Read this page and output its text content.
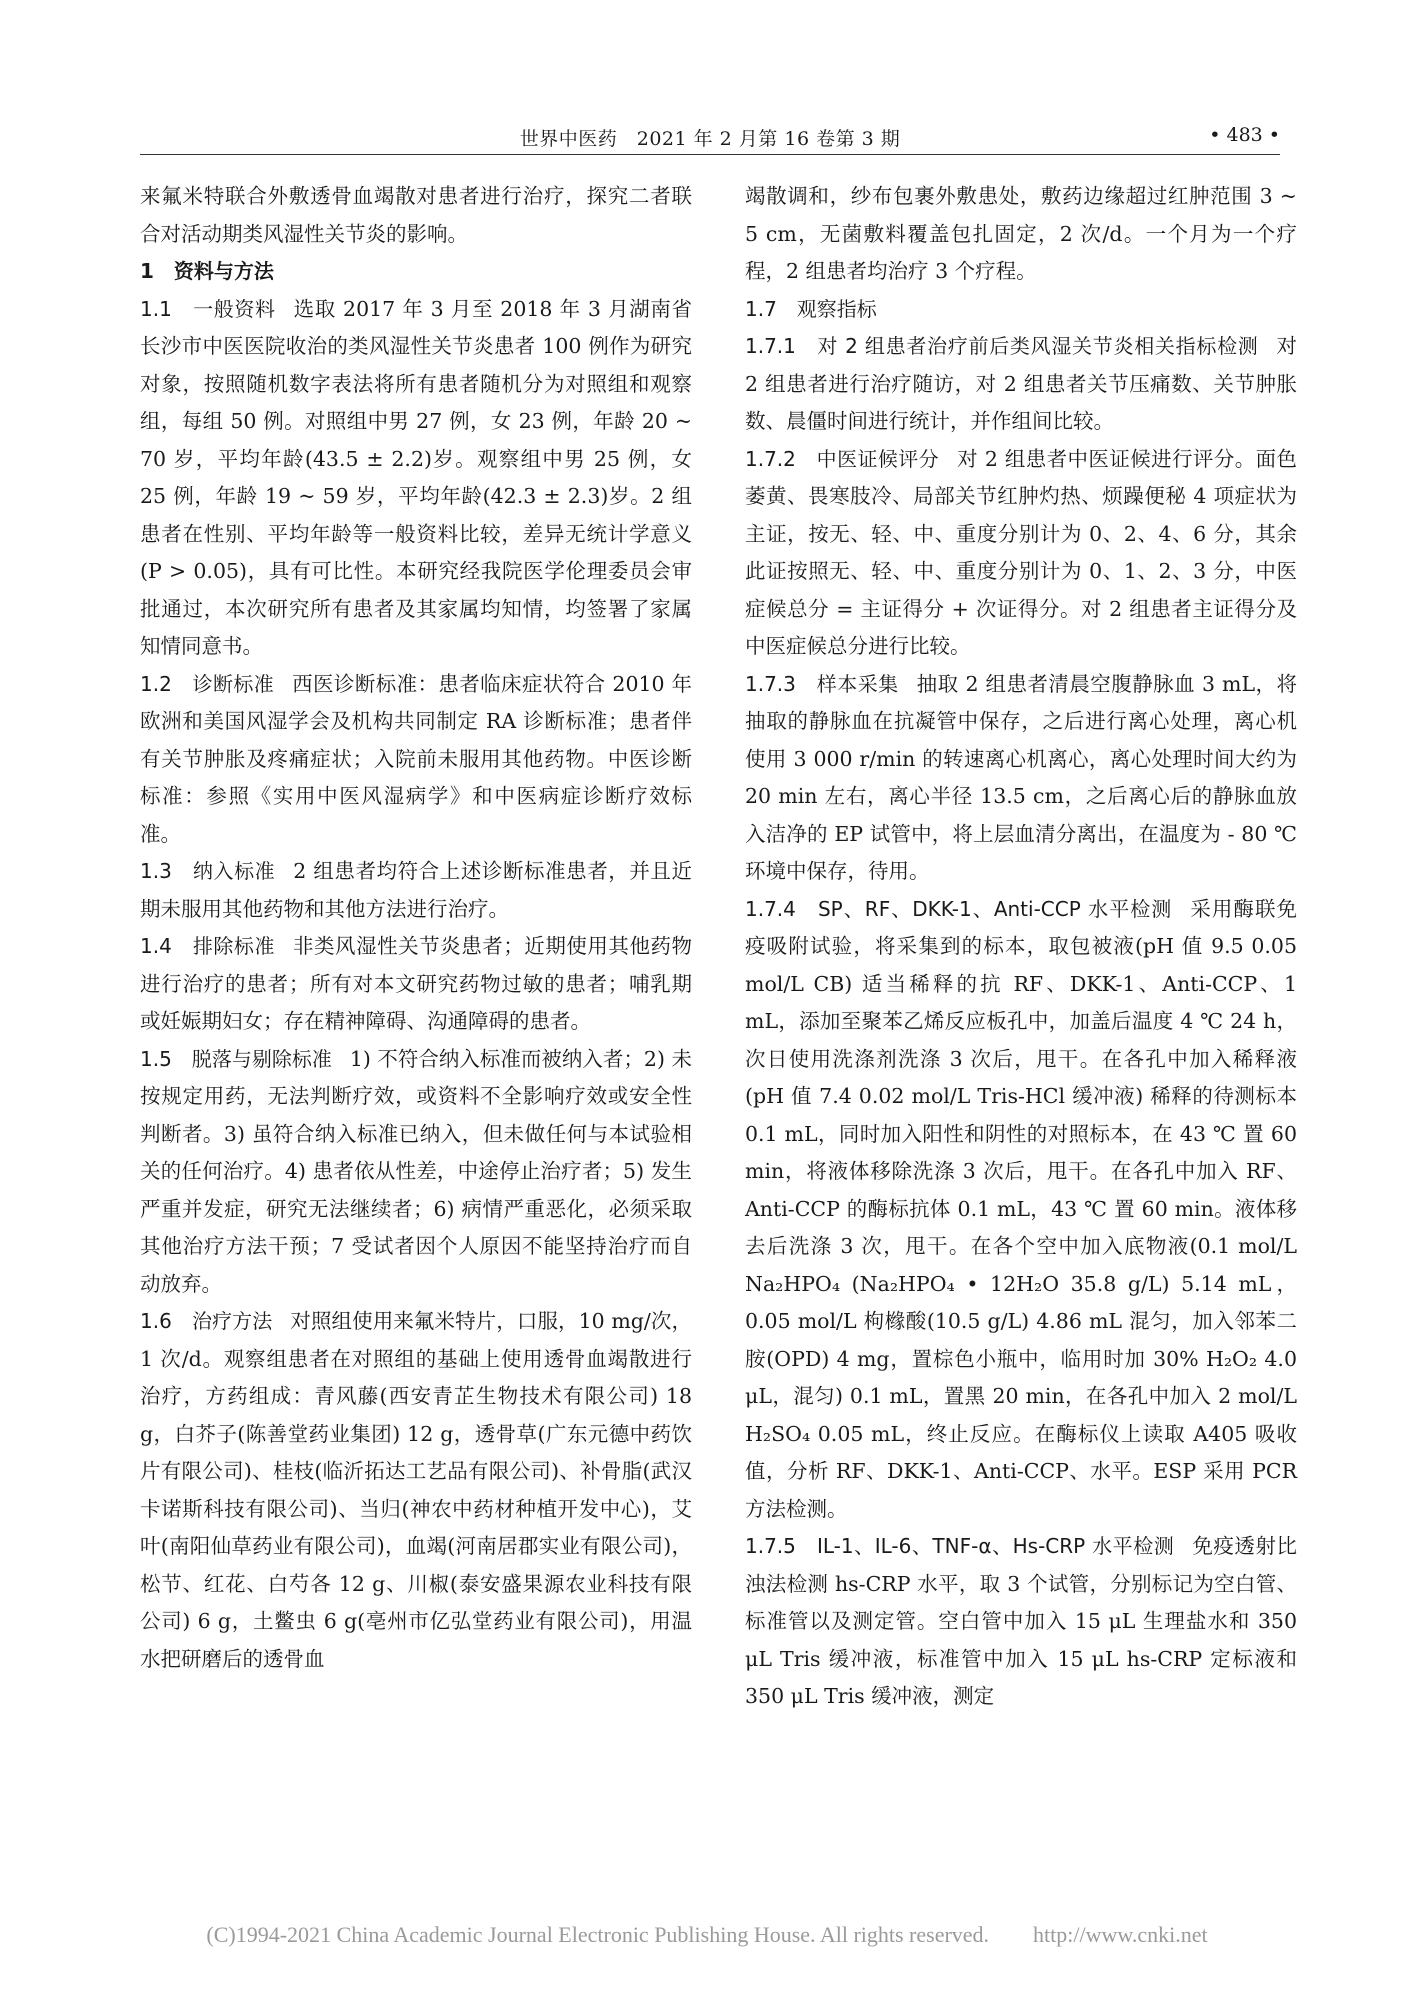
世界中医药　2021 年 2 月第 16 卷第 3 期	• 483 •

来氟米特联合外敷透骨血竭散对患者进行治疗，探究二者联合对活动期类风湿性关节炎的影响。

1　资料与方法

1.1　一般资料 选取 2017 年 3 月至 2018 年 3 月湖南省长沙市中医医院收治的类风湿性关节炎患者 100 例作为研究对象，按照随机数字表法将所有患者随机分为对照组和观察组，每组 50 例。对照组中男 27 例，女 23 例，年龄 20 ~ 70 岁，平均年龄(43.5 ± 2.2)岁。观察组中男 25 例，女 25 例，年龄 19 ~ 59 岁，平均年龄(42.3 ± 2.3)岁。2 组患者在性别、平均年龄等一般资料比较，差异无统计学意义(P > 0.05)，具有可比性。本研究经我院医学伦理委员会审批通过，本次研究所有患者及其家属均知情，均签署了家属知情同意书。

1.2　诊断标准 西医诊断标准：患者临床症状符合 2010 年欧洲和美国风湿学会及机构共同制定 RA 诊断标准；患者伴有关节肿胀及疼痛症状；入院前未服用其他药物。中医诊断标准：参照《实用中医风湿病学》和中医病症诊断疗效标准。

1.3　纳入标准 2 组患者均符合上述诊断标准患者，并且近期未服用其他药物和其他方法进行治疗。

1.4　排除标准 非类风湿性关节炎患者；近期使用其他药物进行治疗的患者；所有对本文研究药物过敏的患者；哺乳期或妊娠期妇女；存在精神障碍、沟通障碍的患者。

1.5　脱落与剔除标准 1) 不符合纳入标准而被纳入者；2) 未按规定用药，无法判断疗效，或资料不全影响疗效或安全性判断者。3) 虽符合纳入标准已纳入，但未做任何与本试验相关的任何治疗。4) 患者依从性差，中途停止治疗者；5) 发生严重并发症，研究无法继续者；6) 病情严重恶化，必须采取其他治疗方法干预；7 受试者因个人原因不能坚持治疗而自动放弃。

1.6　治疗方法 对照组使用来氟米特片，口服，10 mg/次，1 次/d。观察组患者在对照组的基础上使用透骨血竭散进行治疗，方药组成：青风藤(西安青芷生物技术有限公司) 18 g，白芥子(陈善堂药业集团) 12 g，透骨草(广东元德中药饮片有限公司)、桂枝(临沂拓达工艺品有限公司)、补骨脂(武汉卡诺斯科技有限公司)、当归(神农中药材种植开发中心)，艾叶(南阳仙草药业有限公司)，血竭(河南居郡实业有限公司)，松节、红花、白芍各 12 g、川椒(泰安盛果源农业科技有限公司) 6 g，土鳖虫 6 g(亳州市亿弘堂药业有限公司)，用温水把研磨后的透骨血

竭散调和，纱布包裹外敷患处，敷药边缘超过红肿范围 3 ~ 5 cm，无菌敷料覆盖包扎固定，2 次/d。一个月为一个疗程，2 组患者均治疗 3 个疗程。

1.7　观察指标

1.7.1　对 2 组患者治疗前后类风湿关节炎相关指标检测 对 2 组患者进行治疗随访，对 2 组患者关节压痛数、关节肿胀数、晨僵时间进行统计，并作组间比较。

1.7.2　中医证候评分 对 2 组患者中医证候进行评分。面色萎黄、畏寒肢冷、局部关节红肿灼热、烦躁便秘 4 项症状为主证，按无、轻、中、重度分别计为 0、2、4、6 分，其余此证按照无、轻、中、重度分别计为 0、1、2、3 分，中医症候总分 = 主证得分 + 次证得分。对 2 组患者主证得分及中医症候总分进行比较。

1.7.3　样本采集 抽取 2 组患者清晨空腹静脉血 3 mL，将抽取的静脉血在抗凝管中保存，之后进行离心处理，离心机使用 3 000 r/min 的转速离心机离心，离心处理时间大约为 20 min 左右，离心半径 13.5 cm，之后离心后的静脉血放入洁净的 EP 试管中，将上层血清分离出，在温度为 - 80 ℃ 环境中保存，待用。

1.7.4　SP、RF、DKK-1、Anti-CCP 水平检测 采用酶联免疫吸附试验，将采集到的标本，取包被液(pH 值 9.5 0.05 mol/L CB) 适当稀释的抗 RF、DKK-1、Anti-CCP、1 mL，添加至聚苯乙烯反应板孔中，加盖后温度 4 ℃ 24 h，次日使用洗涤剂洗涤 3 次后，甩干。在各孔中加入稀释液(pH 值 7.4 0.02 mol/L Tris-HCl 缓冲液) 稀释的待测标本 0.1 mL，同时加入阳性和阴性的对照标本，在 43 ℃ 置 60 min，将液体移除洗涤 3 次后，甩干。在各孔中加入 RF、Anti-CCP 的酶标抗体 0.1 mL，43 ℃ 置 60 min。液体移去后洗涤 3 次，甩干。在各个空中加入底物液(0.1 mol/L Na₂HPO₄ (Na₂HPO₄ • 12H₂O 35.8 g/L) 5.14 mL，0.05 mol/L 枸橼酸(10.5 g/L) 4.86 mL 混匀，加入邻苯二胺(OPD) 4 mg，置棕色小瓶中，临用时加 30% H₂O₂ 4.0 μL，混匀) 0.1 mL，置黑 20 min，在各孔中加入 2 mol/L H₂SO₄ 0.05 mL，终止反应。在酶标仪上读取 A405 吸收值，分析 RF、DKK-1、Anti-CCP、水平。ESP 采用 PCR 方法检测。

1.7.5　IL-1、IL-6、TNF-α、Hs-CRP 水平检测 免疫透射比浊法检测 hs-CRP 水平，取 3 个试管，分别标记为空白管、标准管以及测定管。空白管中加入 15 μL 生理盐水和 350 μL Tris 缓冲液，标准管中加入 15 μL hs-CRP 定标液和 350 μL Tris 缓冲液，测定

(C)1994-2021 China Academic Journal Electronic Publishing House. All rights reserved.　　http://www.cnki.net
